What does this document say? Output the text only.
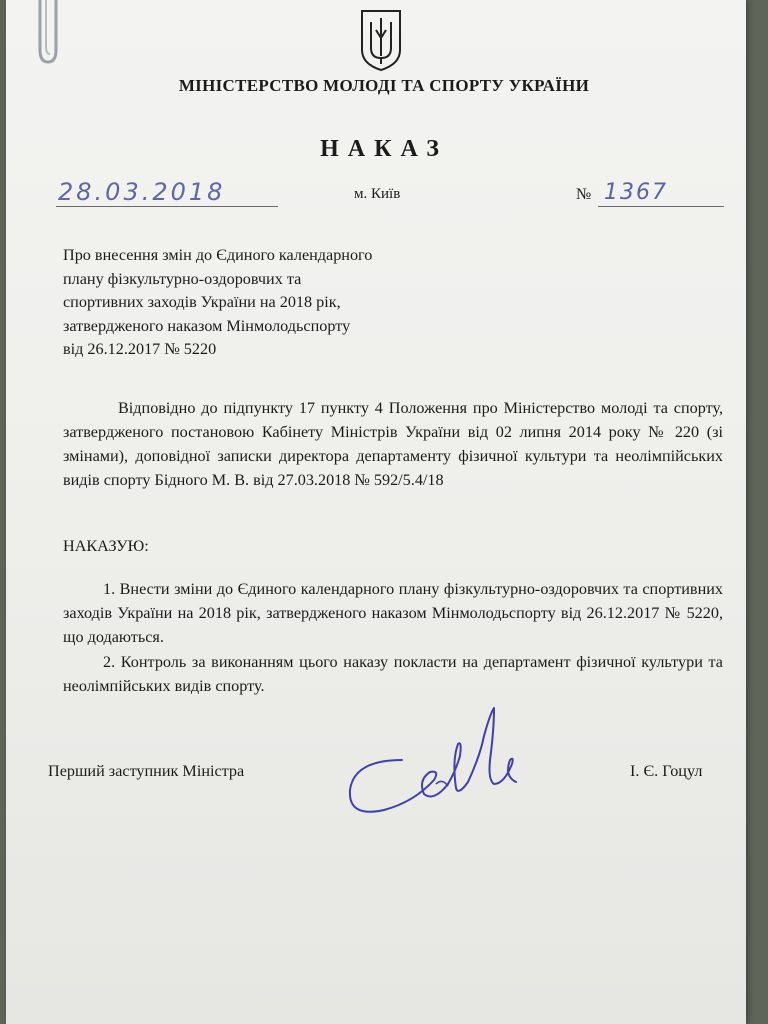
МІНІСТЕРСТВО МОЛОДІ ТА СПОРТУ УКРАЇНИ
НАКАЗ
28.03.2018	м. Київ	№ 1367
Про внесення змін до Єдиного календарного
плану фізкультурно-оздоровчих та
спортивних заходів України на 2018 рік,
затвердженого наказом Мінмолодьспорту
від 26.12.2017 № 5220
Відповідно до підпункту 17 пункту 4 Положення про Міністерство молоді та спорту, затвердженого постановою Кабінету Міністрів України від 02 липня 2014 року № 220 (зі змінами), доповідної записки директора департаменту фізичної культури та неолімпійських видів спорту Бідного М. В. від 27.03.2018 № 592/5.4/18
НАКАЗУЮ:
1. Внести зміни до Єдиного календарного плану фізкультурно-оздоровчих та спортивних заходів України на 2018 рік, затвердженого наказом Мінмолодьспорту від 26.12.2017 № 5220, що додаються.
2. Контроль за виконанням цього наказу покласти на департамент фізичної культури та неолімпійських видів спорту.
Перший заступник Міністра	І. Є. Гоцул
